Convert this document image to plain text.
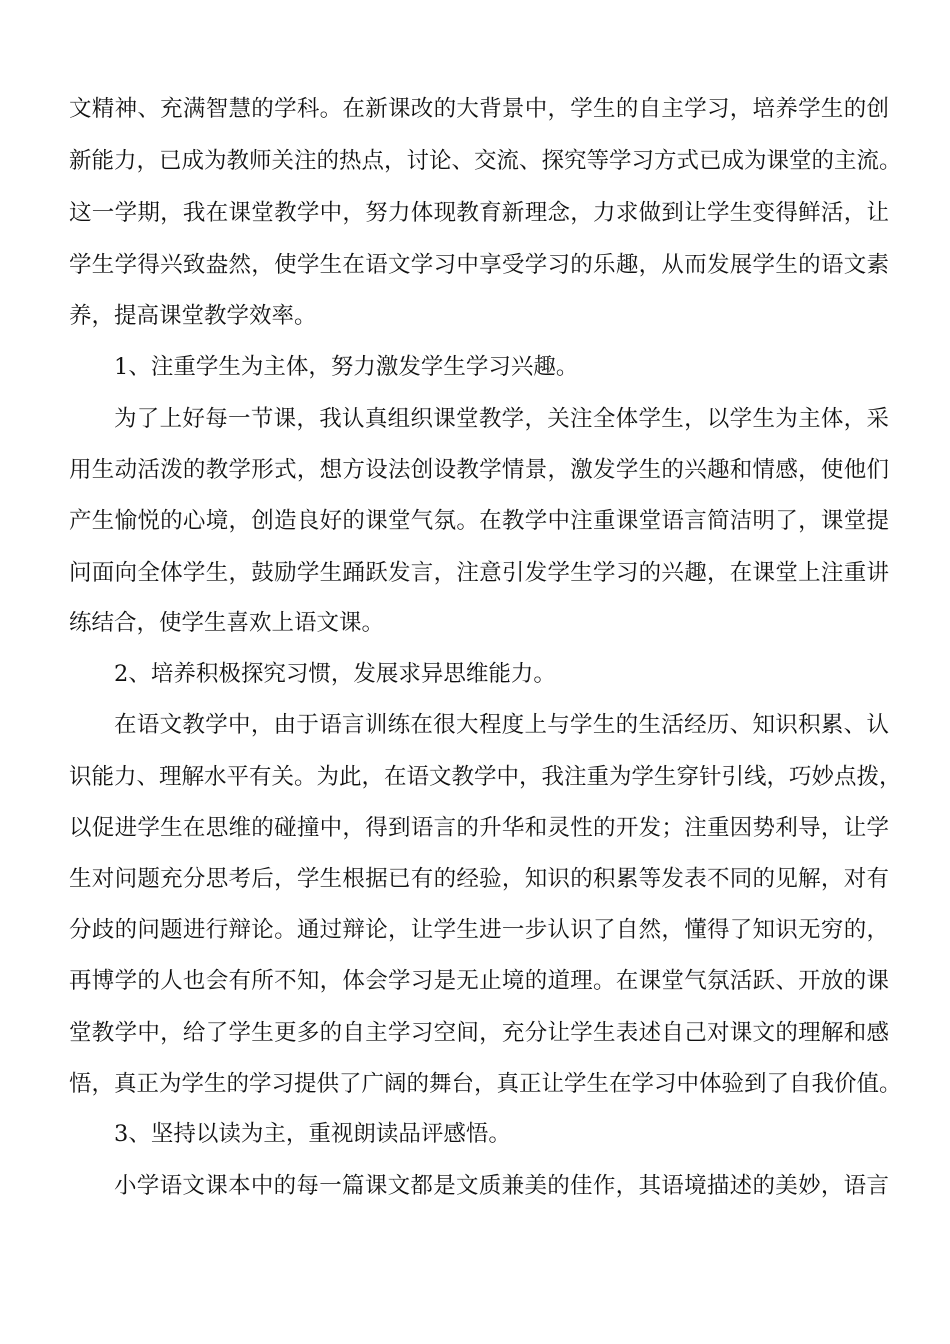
文精神、充满智慧的学科。在新课改的大背景中，学生的自主学习，培养学生的创
新能力，已成为教师关注的热点，讨论、交流、探究等学习方式已成为课堂的主流。
这一学期，我在课堂教学中，努力体现教育新理念，力求做到让学生变得鲜活，让
学生学得兴致盎然，使学生在语文学习中享受学习的乐趣，从而发展学生的语文素
养，提高课堂教学效率。
1、注重学生为主体，努力激发学生学习兴趣。
为了上好每一节课，我认真组织课堂教学，关注全体学生，以学生为主体，采
用生动活泼的教学形式，想方设法创设教学情景，激发学生的兴趣和情感，使他们
产生愉悦的心境，创造良好的课堂气氛。在教学中注重课堂语言简洁明了，课堂提
问面向全体学生，鼓励学生踊跃发言，注意引发学生学习的兴趣，在课堂上注重讲
练结合，使学生喜欢上语文课。
2、培养积极探究习惯，发展求异思维能力。
在语文教学中，由于语言训练在很大程度上与学生的生活经历、知识积累、认
识能力、理解水平有关。为此，在语文教学中，我注重为学生穿针引线，巧妙点拨，
以促进学生在思维的碰撞中，得到语言的升华和灵性的开发；注重因势利导，让学
生对问题充分思考后，学生根据已有的经验，知识的积累等发表不同的见解，对有
分歧的问题进行辩论。通过辩论，让学生进一步认识了自然，懂得了知识无穷的，
再博学的人也会有所不知，体会学习是无止境的道理。在课堂气氛活跃、开放的课
堂教学中，给了学生更多的自主学习空间，充分让学生表述自己对课文的理解和感
悟，真正为学生的学习提供了广阔的舞台，真正让学生在学习中体验到了自我价值。
3、坚持以读为主，重视朗读品评感悟。
小学语文课本中的每一篇课文都是文质兼美的佳作，其语境描述的美妙，语言
